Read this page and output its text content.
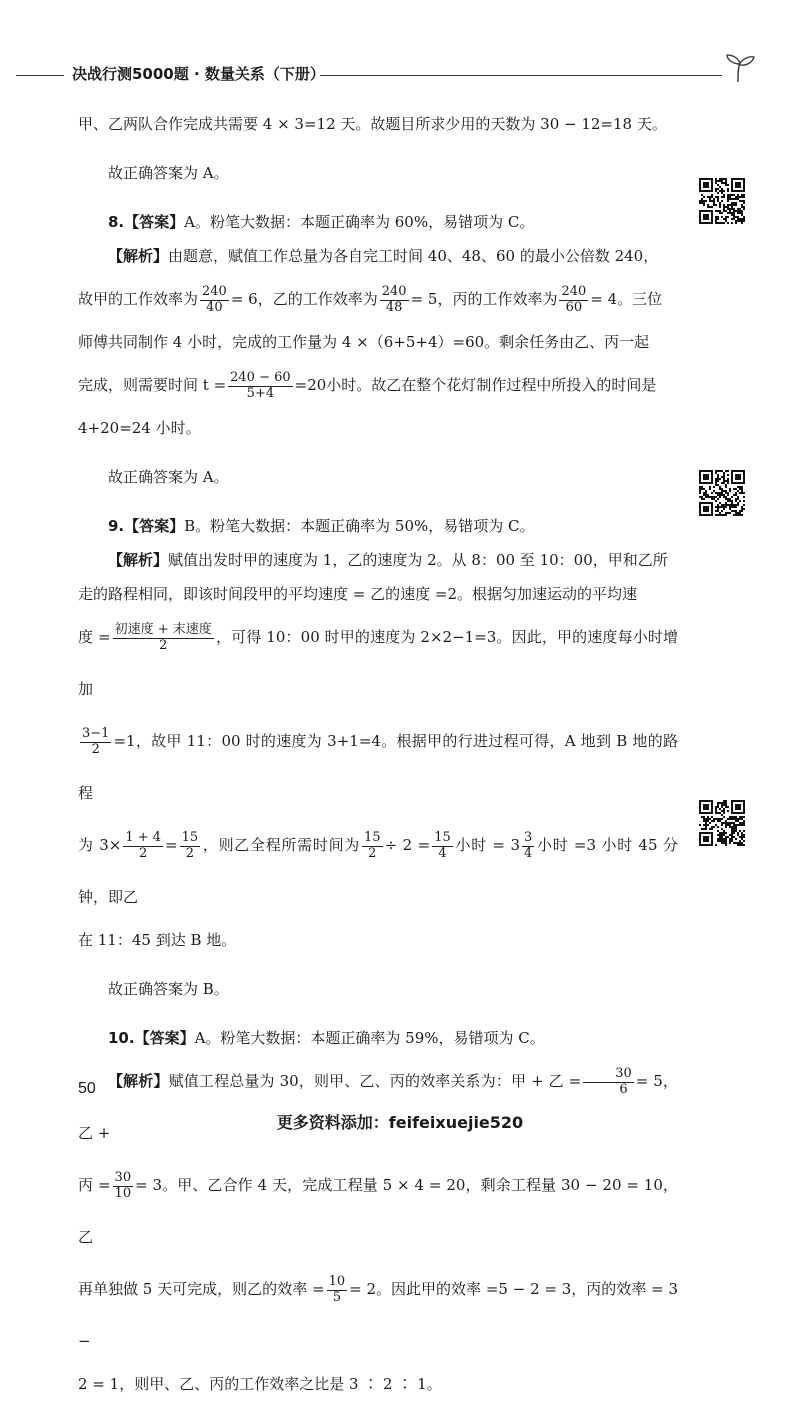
决战行测5000题 · 数量关系（下册）

甲、乙两队合作完成共需要 4 × 3=12 天。故题目所求少用的天数为 30 − 12=18 天。

故正确答案为 A。

8.【答案】A。粉笔大数据：本题正确率为 60%，易错项为 C。

【解析】由题意，赋值工作总量为各自完工时间 40、48、60 的最小公倍数 240，

故甲的工作效率为 $\frac{240}{40} = 6$，乙的工作效率为 $\frac{240}{48} = 5$，丙的工作效率为 $\frac{240}{60} = 4$。三位

师傅共同制作 4 小时，完成的工作量为 4 ×（6+5+4）=60。剩余任务由乙、丙一起

完成，则需要时间 $t = \frac{240 - 60}{5+4} =20$小时。故乙在整个花灯制作过程中所投入的时间是

4+20=24 小时。

故正确答案为 A。

9.【答案】B。粉笔大数据：本题正确率为 50%，易错项为 C。

【解析】赋值出发时甲的速度为 1，乙的速度为 2。从 8：00 至 10：00，甲和乙所

走的路程相同，即该时间段甲的平均速度 = 乙的速度 =2。根据匀加速运动的平均速

度 = $\frac{\text{初速度 + 末速度}}{2}$ ，可得 10：00 时甲的速度为 2×2−1=3。因此，甲的速度每小时增加

$\frac{3-1}{2} =1$，故甲 11：00 时的速度为 3+1=4。根据甲的行进过程可得，A 地到 B 地的路程

为 $3\times \frac{1 + 4}{2} = \frac{15}{2}$ ，则乙全程所需时间为 $\frac{15}{2} \div 2 = \frac{15}{4}$ 小时 = $3 \frac{3}{4}$ 小时 =3 小时 45 分钟，即乙

在 11：45 到达 B 地。

故正确答案为 B。

10.【答案】A。粉笔大数据：本题正确率为 59%，易错项为 C。

【解析】赋值工程总量为 30，则甲、乙、丙的效率关系为：甲 + 乙 = $\frac{30}{6} = 5$，乙 +

丙 = $\frac{30}{10} = 3$。甲、乙合作 4 天，完成工程量 5 × 4 = 20，剩余工程量 30 − 20 = 10，乙

再单独做 5 天可完成，则乙的效率 = $\frac{10}{5} = 2$。因此甲的效率 =5 − 2 = 3，丙的效率 = 3 −

2 = 1，则甲、乙、丙的工作效率之比是 3 ∶ 2 ∶ 1。

50
更多资料添加：feifeixuejie520
